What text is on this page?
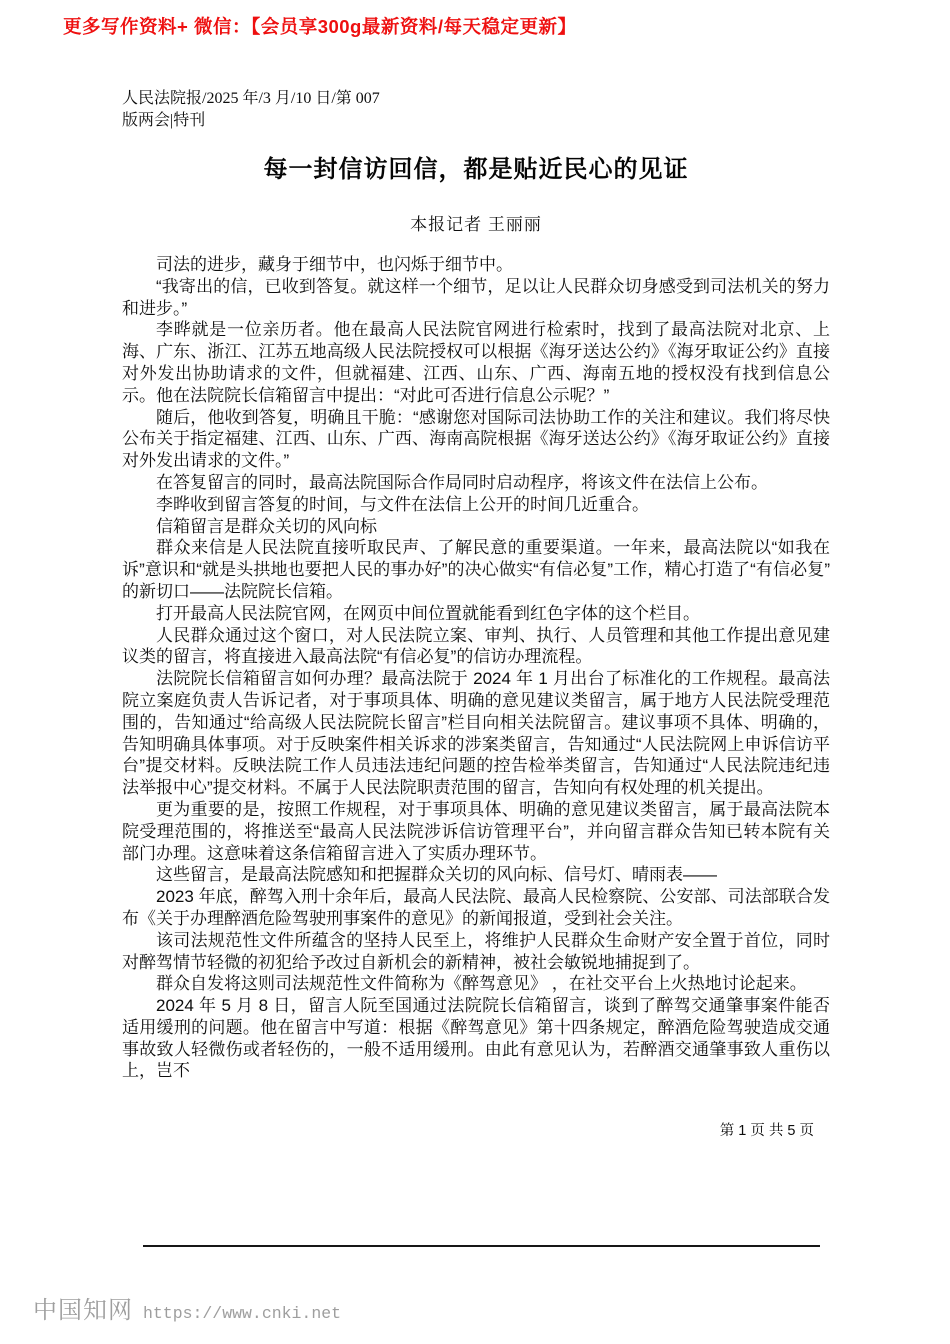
更多写作资料+ 微信：【会员享300g最新资料/每天稳定更新】
人民法院报/2025 年/3 月/10 日/第 007
版两会|特刊
每一封信访回信，都是贴近民心的见证
本报记者 王丽丽

司法的进步，藏身于细节中，也闪烁于细节中。

“我寄出的信，已收到答复。就这样一个细节，足以让人民群众切身感受到司法机关的努力和进步。”

李晔就是一位亲历者。他在最高人民法院官网进行检索时，找到了最高法院对北京、上海、广东、浙江、江苏五地高级人民法院授权可以根据《海牙送达公约》《海牙取证公约》直接对外发出协助请求的文件，但就福建、江西、山东、广西、海南五地的授权没有找到信息公示。他在法院院长信箱留言中提出：“对此可否进行信息公示呢？”

随后，他收到答复，明确且干脆：“感谢您对国际司法协助工作的关注和建议。我们将尽快公布关于指定福建、江西、山东、广西、海南高院根据《海牙送达公约》《海牙取证公约》直接对外发出请求的文件。”

在答复留言的同时，最高法院国际合作局同时启动程序，将该文件在法信上公布。

李晔收到留言答复的时间，与文件在法信上公开的时间几近重合。

信箱留言是群众关切的风向标

群众来信是人民法院直接听取民声、了解民意的重要渠道。一年来，最高法院以“如我在诉”意识和“就是头拱地也要把人民的事办好”的决心做实“有信必复”工作，精心打造了“有信必复”的新切口——法院院长信箱。

打开最高人民法院官网，在网页中间位置就能看到红色字体的这个栏目。

人民群众通过这个窗口，对人民法院立案、审判、执行、人员管理和其他工作提出意见建议类的留言，将直接进入最高法院“有信必复”的信访办理流程。

法院院长信箱留言如何办理？最高法院于 2024 年 1 月出台了标准化的工作规程。最高法院立案庭负责人告诉记者，对于事项具体、明确的意见建议类留言，属于地方人民法院受理范围的，告知通过“给高级人民法院院长留言”栏目向相关法院留言。建议事项不具体、明确的，告知明确具体事项。对于反映案件相关诉求的涉案类留言，告知通过“人民法院网上申诉信访平台”提交材料。反映法院工作人员违法违纪问题的控告检举类留言，告知通过“人民法院违纪违法举报中心”提交材料。不属于人民法院职责范围的留言，告知向有权处理的机关提出。

更为重要的是，按照工作规程，对于事项具体、明确的意见建议类留言，属于最高法院本院受理范围的，将推送至“最高人民法院涉诉信访管理平台”，并向留言群众告知已转本院有关部门办理。这意味着这条信箱留言进入了实质办理环节。

这些留言，是最高法院感知和把握群众关切的风向标、信号灯、晴雨表——

2023 年底，醉驾入刑十余年后，最高人民法院、最高人民检察院、公安部、司法部联合发布《关于办理醉酒危险驾驶刑事案件的意见》的新闻报道，受到社会关注。

该司法规范性文件所蕴含的坚持人民至上，将维护人民群众生命财产安全置于首位，同时对醉驾情节轻微的初犯给予改过自新机会的新精神，被社会敏锐地捕捉到了。

群众自发将这则司法规范性文件简称为《醉驾意见》 ，在社交平台上火热地讨论起来。

2024 年 5 月 8 日，留言人阮至国通过法院院长信箱留言，谈到了醉驾交通肇事案件能否适用缓刑的问题。他在留言中写道：根据《醉驾意见》第十四条规定，醉酒危险驾驶造成交通事故致人轻微伤或者轻伤的，一般不适用缓刑。由此有意见认为，若醉酒交通肇事致人重伤以上，岂不

第 1 页 共 5 页
中国知网 https://www.cnki.net
